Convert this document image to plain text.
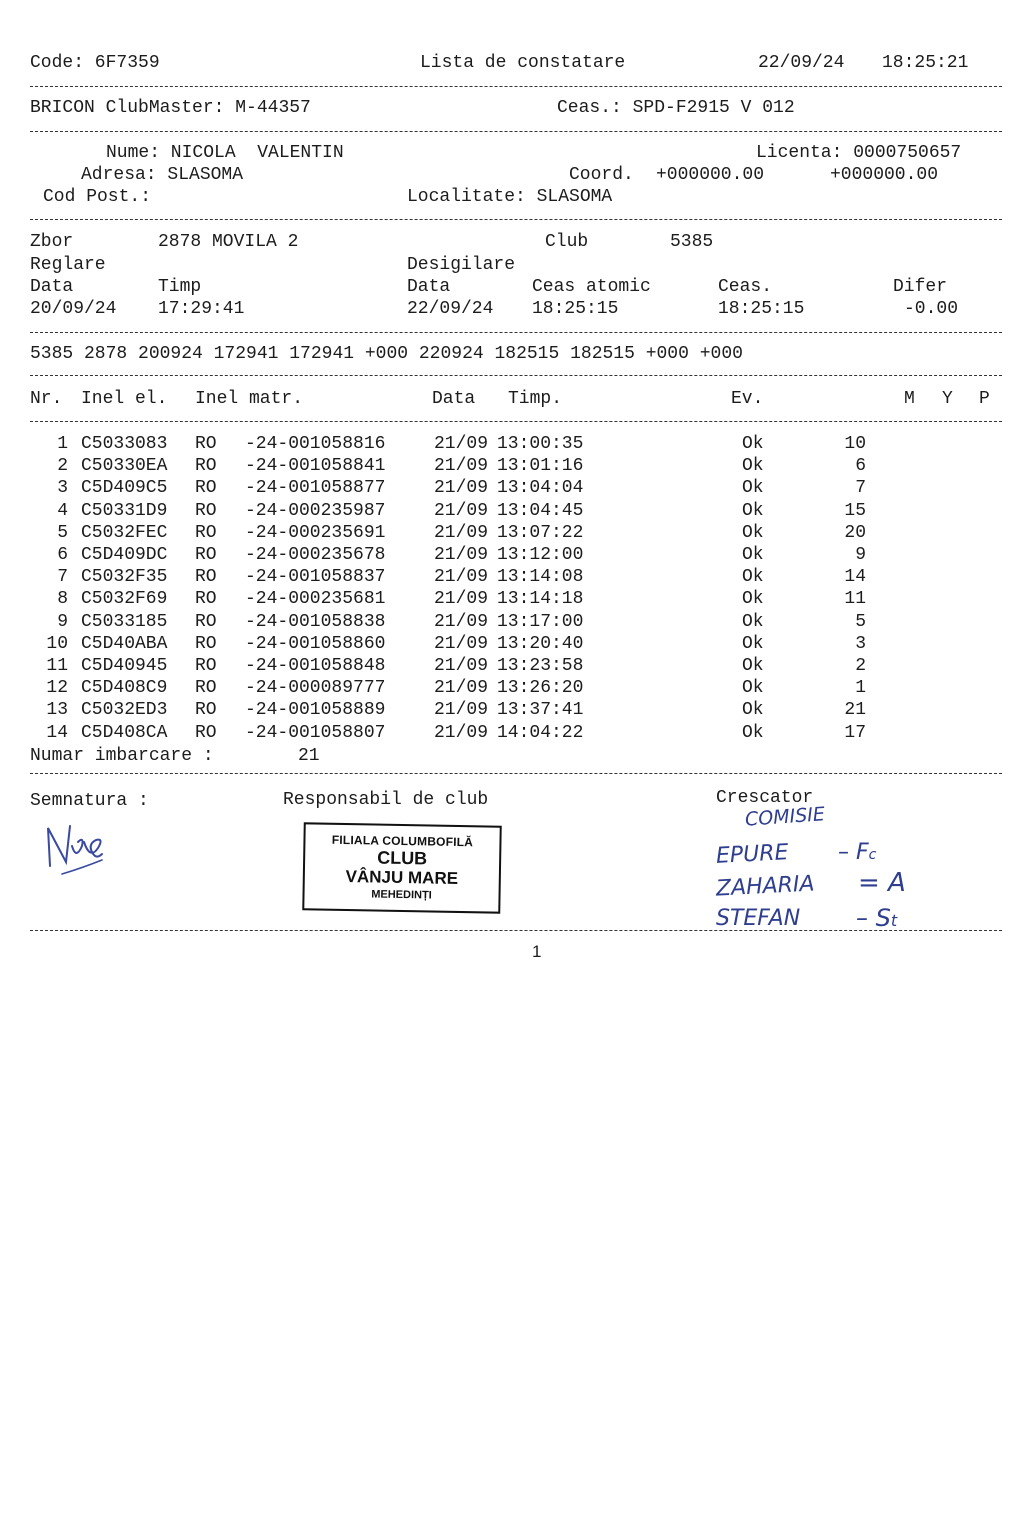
Code: 6F7359	Lista de constatare	22/09/24 18:25:21
BRICON ClubMaster: M-44357	Ceas.: SPD-F2915 V 012
Nume: NICOLA  VALENTIN	Licenta: 0000750657
Adresa: SLASOMA	Coord. +000000.00	+000000.00
Cod Post.:	Localitate: SLASOMA
Zbor	2878 MOVILA 2	Club	5385
Reglare	Desigilare
Data	Timp	Data	Ceas atomic	Ceas.	Difer
20/09/24 17:29:41	22/09/24 18:25:15	18:25:15	-0.00
5385 2878 200924 172941 172941 +000 220924 182515 182515 +000 +000
Nr. Inel el. Inel matr.	Data Timp.	Ev.	M Y P
1 C5033083 RO -24-001058816	21/09 13:00:35	Ok	10
2 C50330EA RO -24-001058841	21/09 13:01:16	Ok	6
3 C5D409C5 RO -24-001058877	21/09 13:04:04	Ok	7
4 C50331D9 RO -24-000235987	21/09 13:04:45	Ok	15
5 C5032FEC RO -24-000235691	21/09 13:07:22	Ok	20
6 C5D409DC RO -24-000235678	21/09 13:12:00	Ok	9
7 C5032F35 RO -24-001058837	21/09 13:14:08	Ok	14
8 C5032F69 RO -24-000235681	21/09 13:14:18	Ok	11
9 C5033185 RO -24-001058838	21/09 13:17:00	Ok	5
10 C5D40ABA RO -24-001058860	21/09 13:20:40	Ok	3
11 C5D40945 RO -24-001058848	21/09 13:23:58	Ok	2
12 C5D408C9 RO -24-000089777	21/09 13:26:20	Ok	1
13 C5032ED3 RO -24-001058889	21/09 13:37:41	Ok	21
14 C5D408CA RO -24-001058807	21/09 14:04:22	Ok	17
Numar imbarcare :	21
Semnatura :	Responsabil de club	Crescator
FILIALA COLUMBOFILĂ
CLUB
VÂNJU MARE
MEHEDINȚI
COMISIE
EPURE – Fc
ZAHARIA = A
STEFAN – St
1
